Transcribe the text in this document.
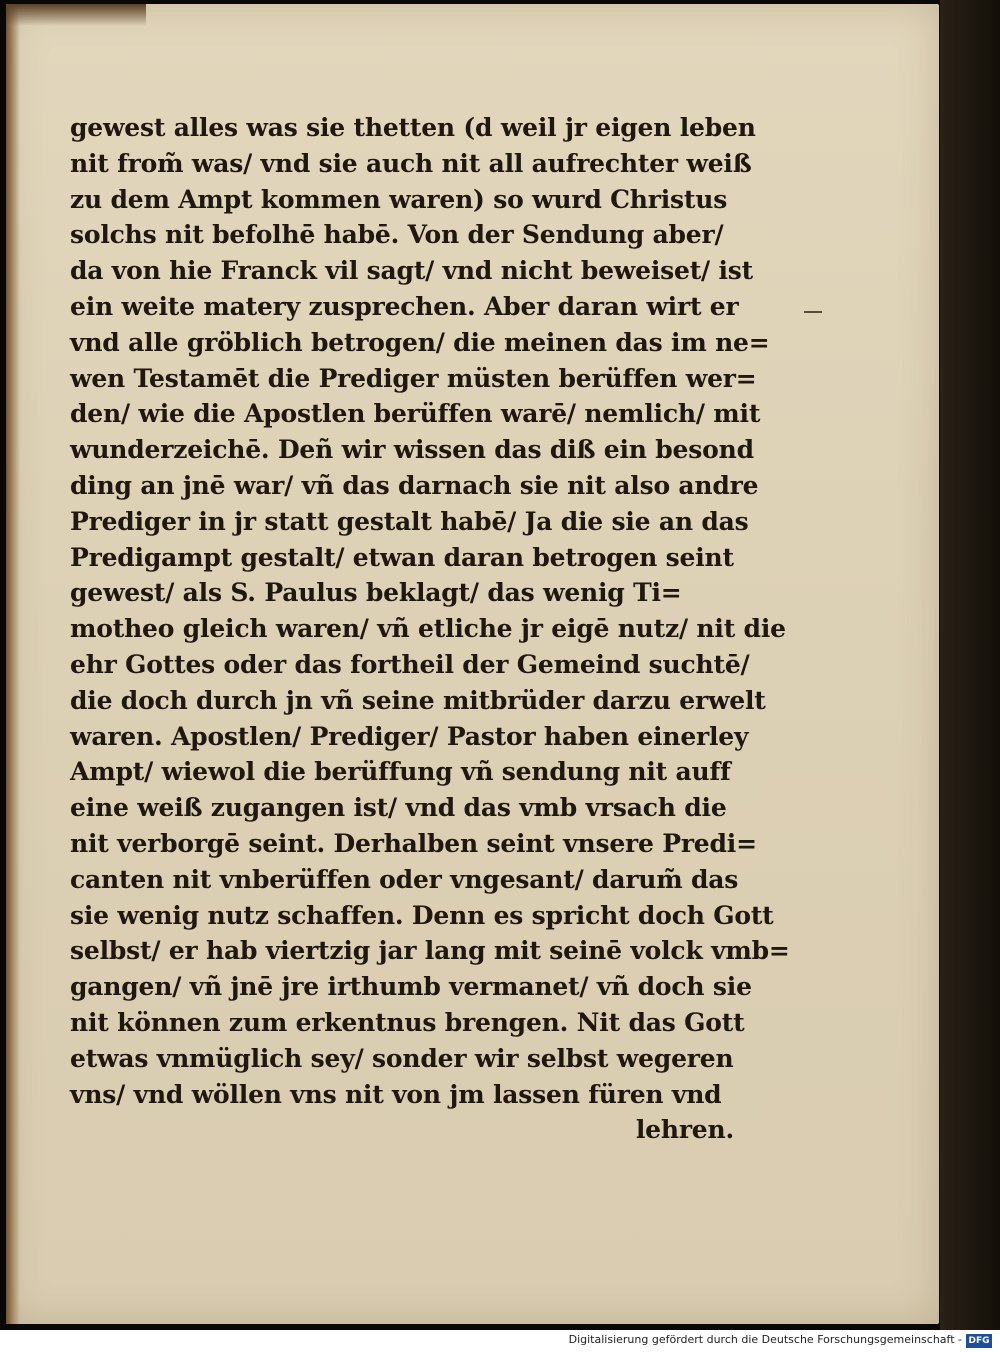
gewest alles was sie thetten (d weil jr eigen leben
nit from̃ was/ vnd sie auch nit all aufrechter weiß
zu dem Ampt kommen waren) so wurd Christus
solchs nit befolhē habē. Von der Sendung aber/
da von hie Franck vil sagt/ vnd nicht beweiset/ ist
ein weite matery zusprechen. Aber daran wirt er
vnd alle gröblich betrogen/ die meinen das im ne=
wen Testamēt die Prediger müsten berüffen wer=
den/ wie die Apostlen berüffen warē/ nemlich/ mit
wunderzeichē. Deñ wir wissen das diß ein besond
ding an jnē war/ vñ das darnach sie nit also andre
Prediger in jr statt gestalt habē/ Ja die sie an das
Predigampt gestalt/ etwan daran betrogen seint
gewest/ als S. Paulus beklagt/ das wenig Ti=
motheo gleich waren/ vñ etliche jr eigē nutz/ nit die
ehr Gottes oder das fortheil der Gemeind suchtē/
die doch durch jn vñ seine mitbrüder darzu erwelt
waren. Apostlen/ Prediger/ Pastor haben einerley
Ampt/ wiewol die berüffung vñ sendung nit auff
eine weiß zugangen ist/ vnd das vmb vrsach die
nit verborgē seint. Derhalben seint vnsere Predi=
canten nit vnberüffen oder vngesant/ darum̃ das
sie wenig nutz schaffen. Denn es spricht doch Gott
selbst/ er hab viertzig jar lang mit seinē volck vmb=
gangen/ vñ jnē jre irthumb vermanet/ vñ doch sie
nit können zum erkentnus brengen. Nit das Gott
etwas vnmüglich sey/ sonder wir selbst wegeren
vns/ vnd wöllen vns nit von jm lassen füren vnd
lehren.
Digitalisierung gefördert durch die Deutsche Forschungsgemeinschaft - DFG
